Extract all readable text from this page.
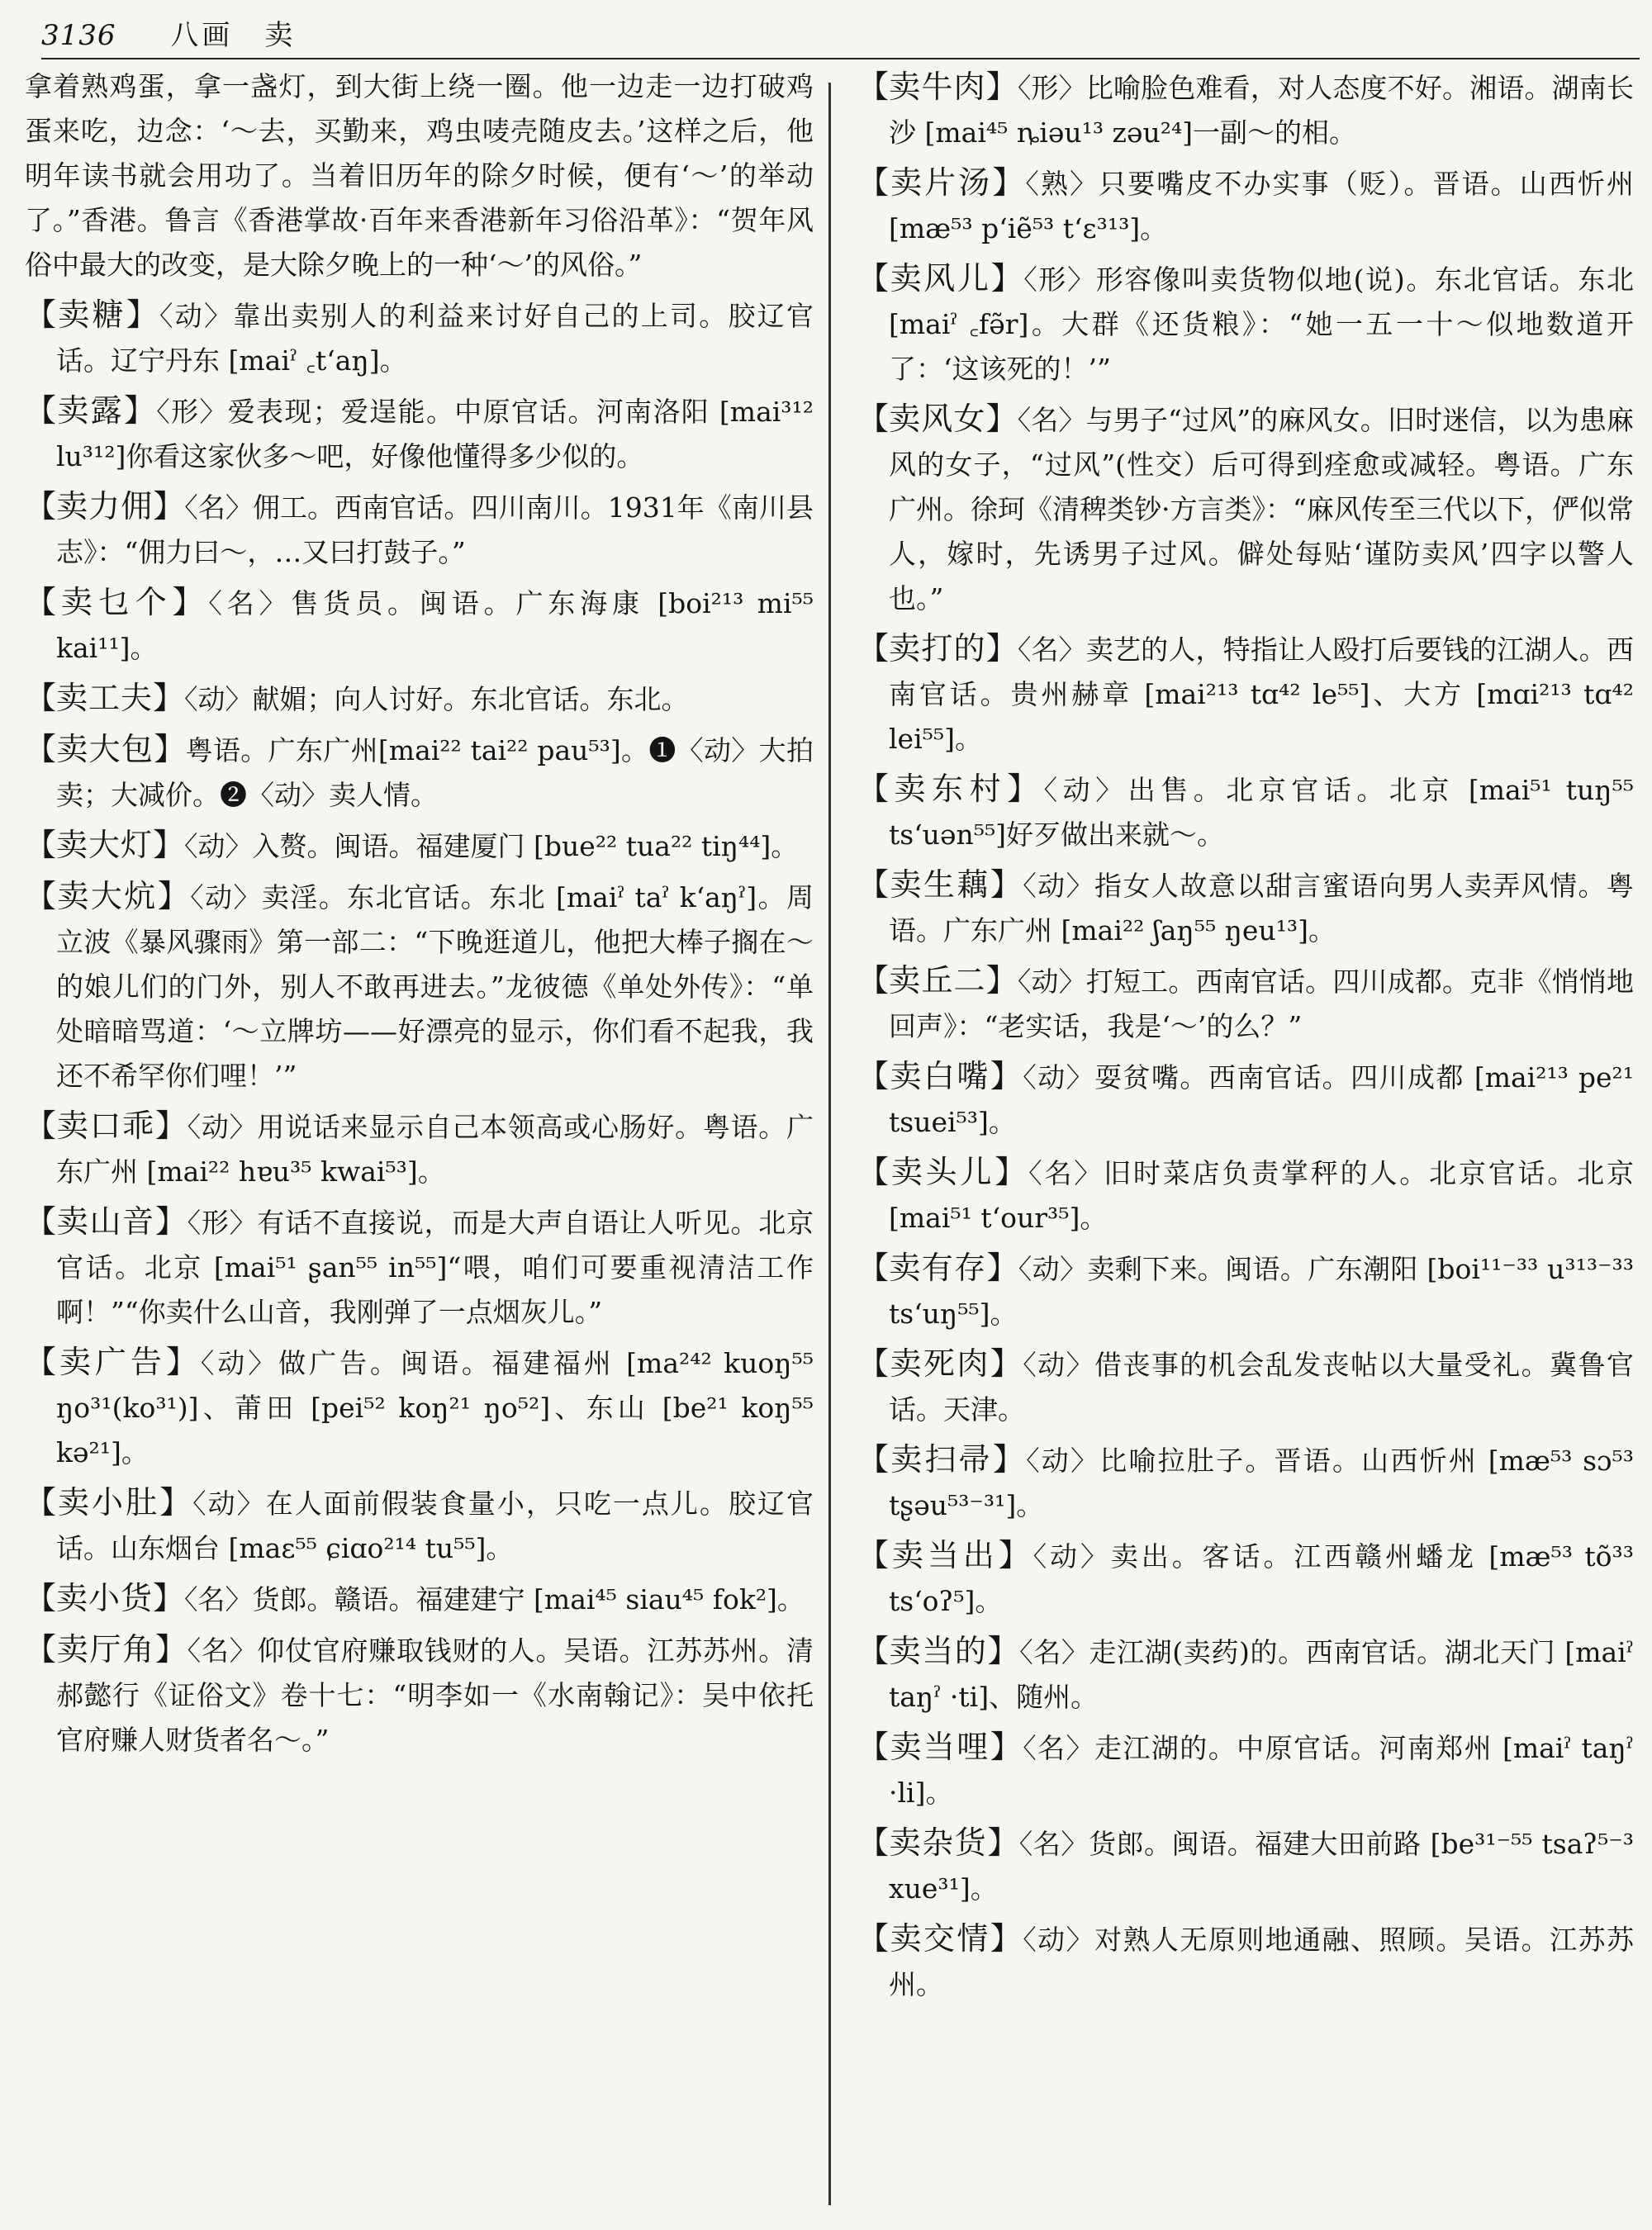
3136 八画　卖

拿着熟鸡蛋，拿一盏灯，到大街上绕一圈。他一边走一边打破鸡蛋来吃，边念：‘～去，买勤来，鸡虫唛壳随皮去。’这样之后，他明年读书就会用功了。当着旧历年的除夕时候，便有‘～’的举动了。”香港。鲁言《香港掌故·百年来香港新年习俗沿革》：“贺年风俗中最大的改变，是大除夕晚上的一种‘～’的风俗。”

【卖糖】〈动〉靠出卖别人的利益来讨好自己的上司。胶辽官话。辽宁丹东 [maiˀ ꜀t‘aŋ]。

【卖露】〈形〉爱表现；爱逞能。中原官话。河南洛阳 [mai³¹² lu³¹²]你看这家伙多～吧，好像他懂得多少似的。

【卖力佣】〈名〉佣工。西南官话。四川南川。1931年《南川县志》：“佣力曰～，…又曰打鼓子。”

【卖乜个】〈名〉售货员。闽语。广东海康 [boi²¹³ mi⁵⁵ kai¹¹]。

【卖工夫】〈动〉献媚；向人讨好。东北官话。东北。

【卖大包】粤语。广东广州[mai²² tai²² pau⁵³]。❶〈动〉大拍卖；大减价。❷〈动〉卖人情。

【卖大灯】〈动〉入赘。闽语。福建厦门 [bue²² tua²² tiŋ⁴⁴]。

【卖大炕】〈动〉卖淫。东北官话。东北 [maiˀ taˀ k‘aŋˀ]。周立波《暴风骤雨》第一部二：“下晚逛道儿，他把大棒子搁在～的娘儿们的门外，别人不敢再进去。”龙彼德《单处外传》：“单处暗暗骂道：‘～立牌坊——好漂亮的显示，你们看不起我，我还不希罕你们哩！’”

【卖口乖】〈动〉用说话来显示自己本领高或心肠好。粤语。广东广州 [mai²² hɐu³⁵ kwai⁵³]。

【卖山音】〈形〉有话不直接说，而是大声自语让人听见。北京官话。北京 [mai⁵¹ ʂan⁵⁵ in⁵⁵]“喂，咱们可要重视清洁工作啊！”“你卖什么山音，我刚弹了一点烟灰儿。”

【卖广告】〈动〉做广告。闽语。福建福州 [ma²⁴² kuoŋ⁵⁵ ŋo³¹(ko³¹)]、莆田 [pei⁵² koŋ²¹ ŋo⁵²]、东山 [be²¹ koŋ⁵⁵ kə²¹]。

【卖小肚】〈动〉在人面前假装食量小，只吃一点儿。胶辽官话。山东烟台 [maɛ⁵⁵ ɕiɑo²¹⁴ tu⁵⁵]。

【卖小货】〈名〉货郎。赣语。福建建宁 [mai⁴⁵ siau⁴⁵ fok²]。

【卖厅角】〈名〉仰仗官府赚取钱财的人。吴语。江苏苏州。清郝懿行《证俗文》卷十七：“明李如一《水南翰记》：吴中依托官府赚人财货者名～。”

【卖牛肉】〈形〉比喻脸色难看，对人态度不好。湘语。湖南长沙 [mai⁴⁵ ȵiəu¹³ zəu²⁴]一副～的相。

【卖片汤】〈熟〉只要嘴皮不办实事（贬）。晋语。山西忻州 [mæ⁵³ p‘iẽ⁵³ t‘ɛ³¹³]。

【卖风儿】〈形〉形容像叫卖货物似地(说)。东北官话。东北 [maiˀ ꜀fə̃r]。大群《还货粮》：“她一五一十～似地数道开了：‘这该死的！’”

【卖风女】〈名〉与男子“过风”的麻风女。旧时迷信，以为患麻风的女子，“过风”(性交）后可得到痊愈或减轻。粤语。广东广州。徐珂《清稗类钞·方言类》：“麻风传至三代以下，俨似常人，嫁时，先诱男子过风。僻处每贴‘谨防卖风’四字以警人也。”

【卖打的】〈名〉卖艺的人，特指让人殴打后要钱的江湖人。西南官话。贵州赫章 [mai²¹³ tɑ⁴² le⁵⁵]、大方 [mɑi²¹³ tɑ⁴² lei⁵⁵]。

【卖东村】〈动〉出售。北京官话。北京 [mai⁵¹ tuŋ⁵⁵ ts‘uən⁵⁵]好歹做出来就～。

【卖生藕】〈动〉指女人故意以甜言蜜语向男人卖弄风情。粤语。广东广州 [mai²² ʃaŋ⁵⁵ ŋeu¹³]。

【卖丘二】〈动〉打短工。西南官话。四川成都。克非《悄悄地回声》：“老实话，我是‘～’的么？”

【卖白嘴】〈动〉耍贫嘴。西南官话。四川成都 [mai²¹³ pe²¹ tsuei⁵³]。

【卖头儿】〈名〉旧时菜店负责掌秤的人。北京官话。北京 [mai⁵¹ t‘our³⁵]。

【卖有存】〈动〉卖剩下来。闽语。广东潮阳 [boi¹¹⁻³³ u³¹³⁻³³ ts‘uŋ⁵⁵]。

【卖死肉】〈动〉借丧事的机会乱发丧帖以大量受礼。冀鲁官话。天津。

【卖扫帚】〈动〉比喻拉肚子。晋语。山西忻州 [mæ⁵³ sɔ⁵³ tʂəu⁵³⁻³¹]。

【卖当出】〈动〉卖出。客话。江西赣州蟠龙 [mæ⁵³ tõ³³ ts‘oʔ⁵]。

【卖当的】〈名〉走江湖(卖药)的。西南官话。湖北天门 [maiˀ taŋˀ ·ti]、随州。

【卖当哩】〈名〉走江湖的。中原官话。河南郑州 [maiˀ taŋˀ ·li]。

【卖杂货】〈名〉货郎。闽语。福建大田前路 [be³¹⁻⁵⁵ tsaʔ⁵⁻³ xue³¹]。

【卖交情】〈动〉对熟人无原则地通融、照顾。吴语。江苏苏州。
